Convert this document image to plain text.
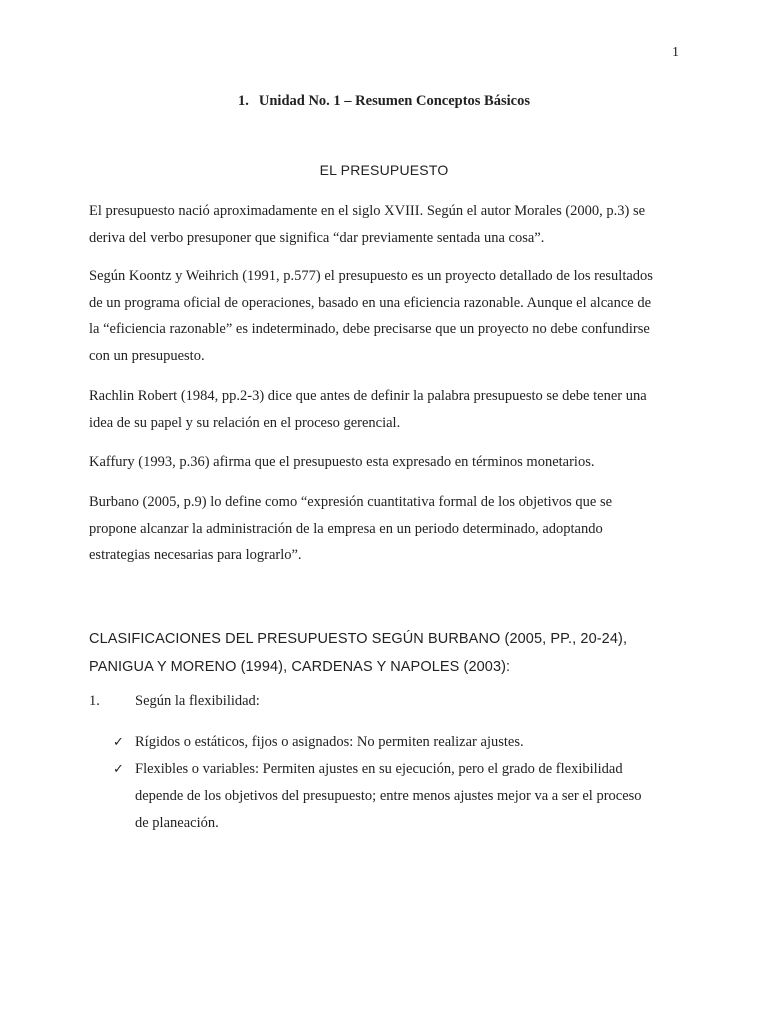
1
1. Unidad No. 1 – Resumen Conceptos Básicos
EL PRESUPUESTO
El presupuesto nació aproximadamente en el siglo XVIII. Según el autor Morales (2000, p.3) se
deriva del verbo presuponer que significa “dar previamente sentada una cosa”.
Según Koontz y Weihrich (1991, p.577) el presupuesto es un proyecto detallado de los resultados
de un programa oficial de operaciones, basado en una eficiencia razonable. Aunque el alcance de
la “eficiencia razonable” es indeterminado, debe precisarse que un proyecto no debe confundirse
con un presupuesto.
Rachlin Robert (1984, pp.2-3) dice que antes de definir la palabra presupuesto se debe tener una
idea de su papel y su relación en el proceso gerencial.
Kaffury (1993, p.36) afirma que el presupuesto esta expresado en términos monetarios.
Burbano (2005, p.9) lo define como “expresión cuantitativa formal de los objetivos que se
propone alcanzar la administración de la empresa en un periodo determinado, adoptando
estrategias necesarias para lograrlo”.
CLASIFICACIONES DEL PRESUPUESTO SEGÚN BURBANO (2005, PP., 20-24),
PANIGUA Y MORENO (1994), CARDENAS Y NAPOLES (2003):
1. Según la flexibilidad:
✓ Rígidos o estáticos, fijos o asignados: No permiten realizar ajustes.
✓ Flexibles o variables: Permiten ajustes en su ejecución, pero el grado de flexibilidad
depende de los objetivos del presupuesto; entre menos ajustes mejor va a ser el proceso
de planeación.
